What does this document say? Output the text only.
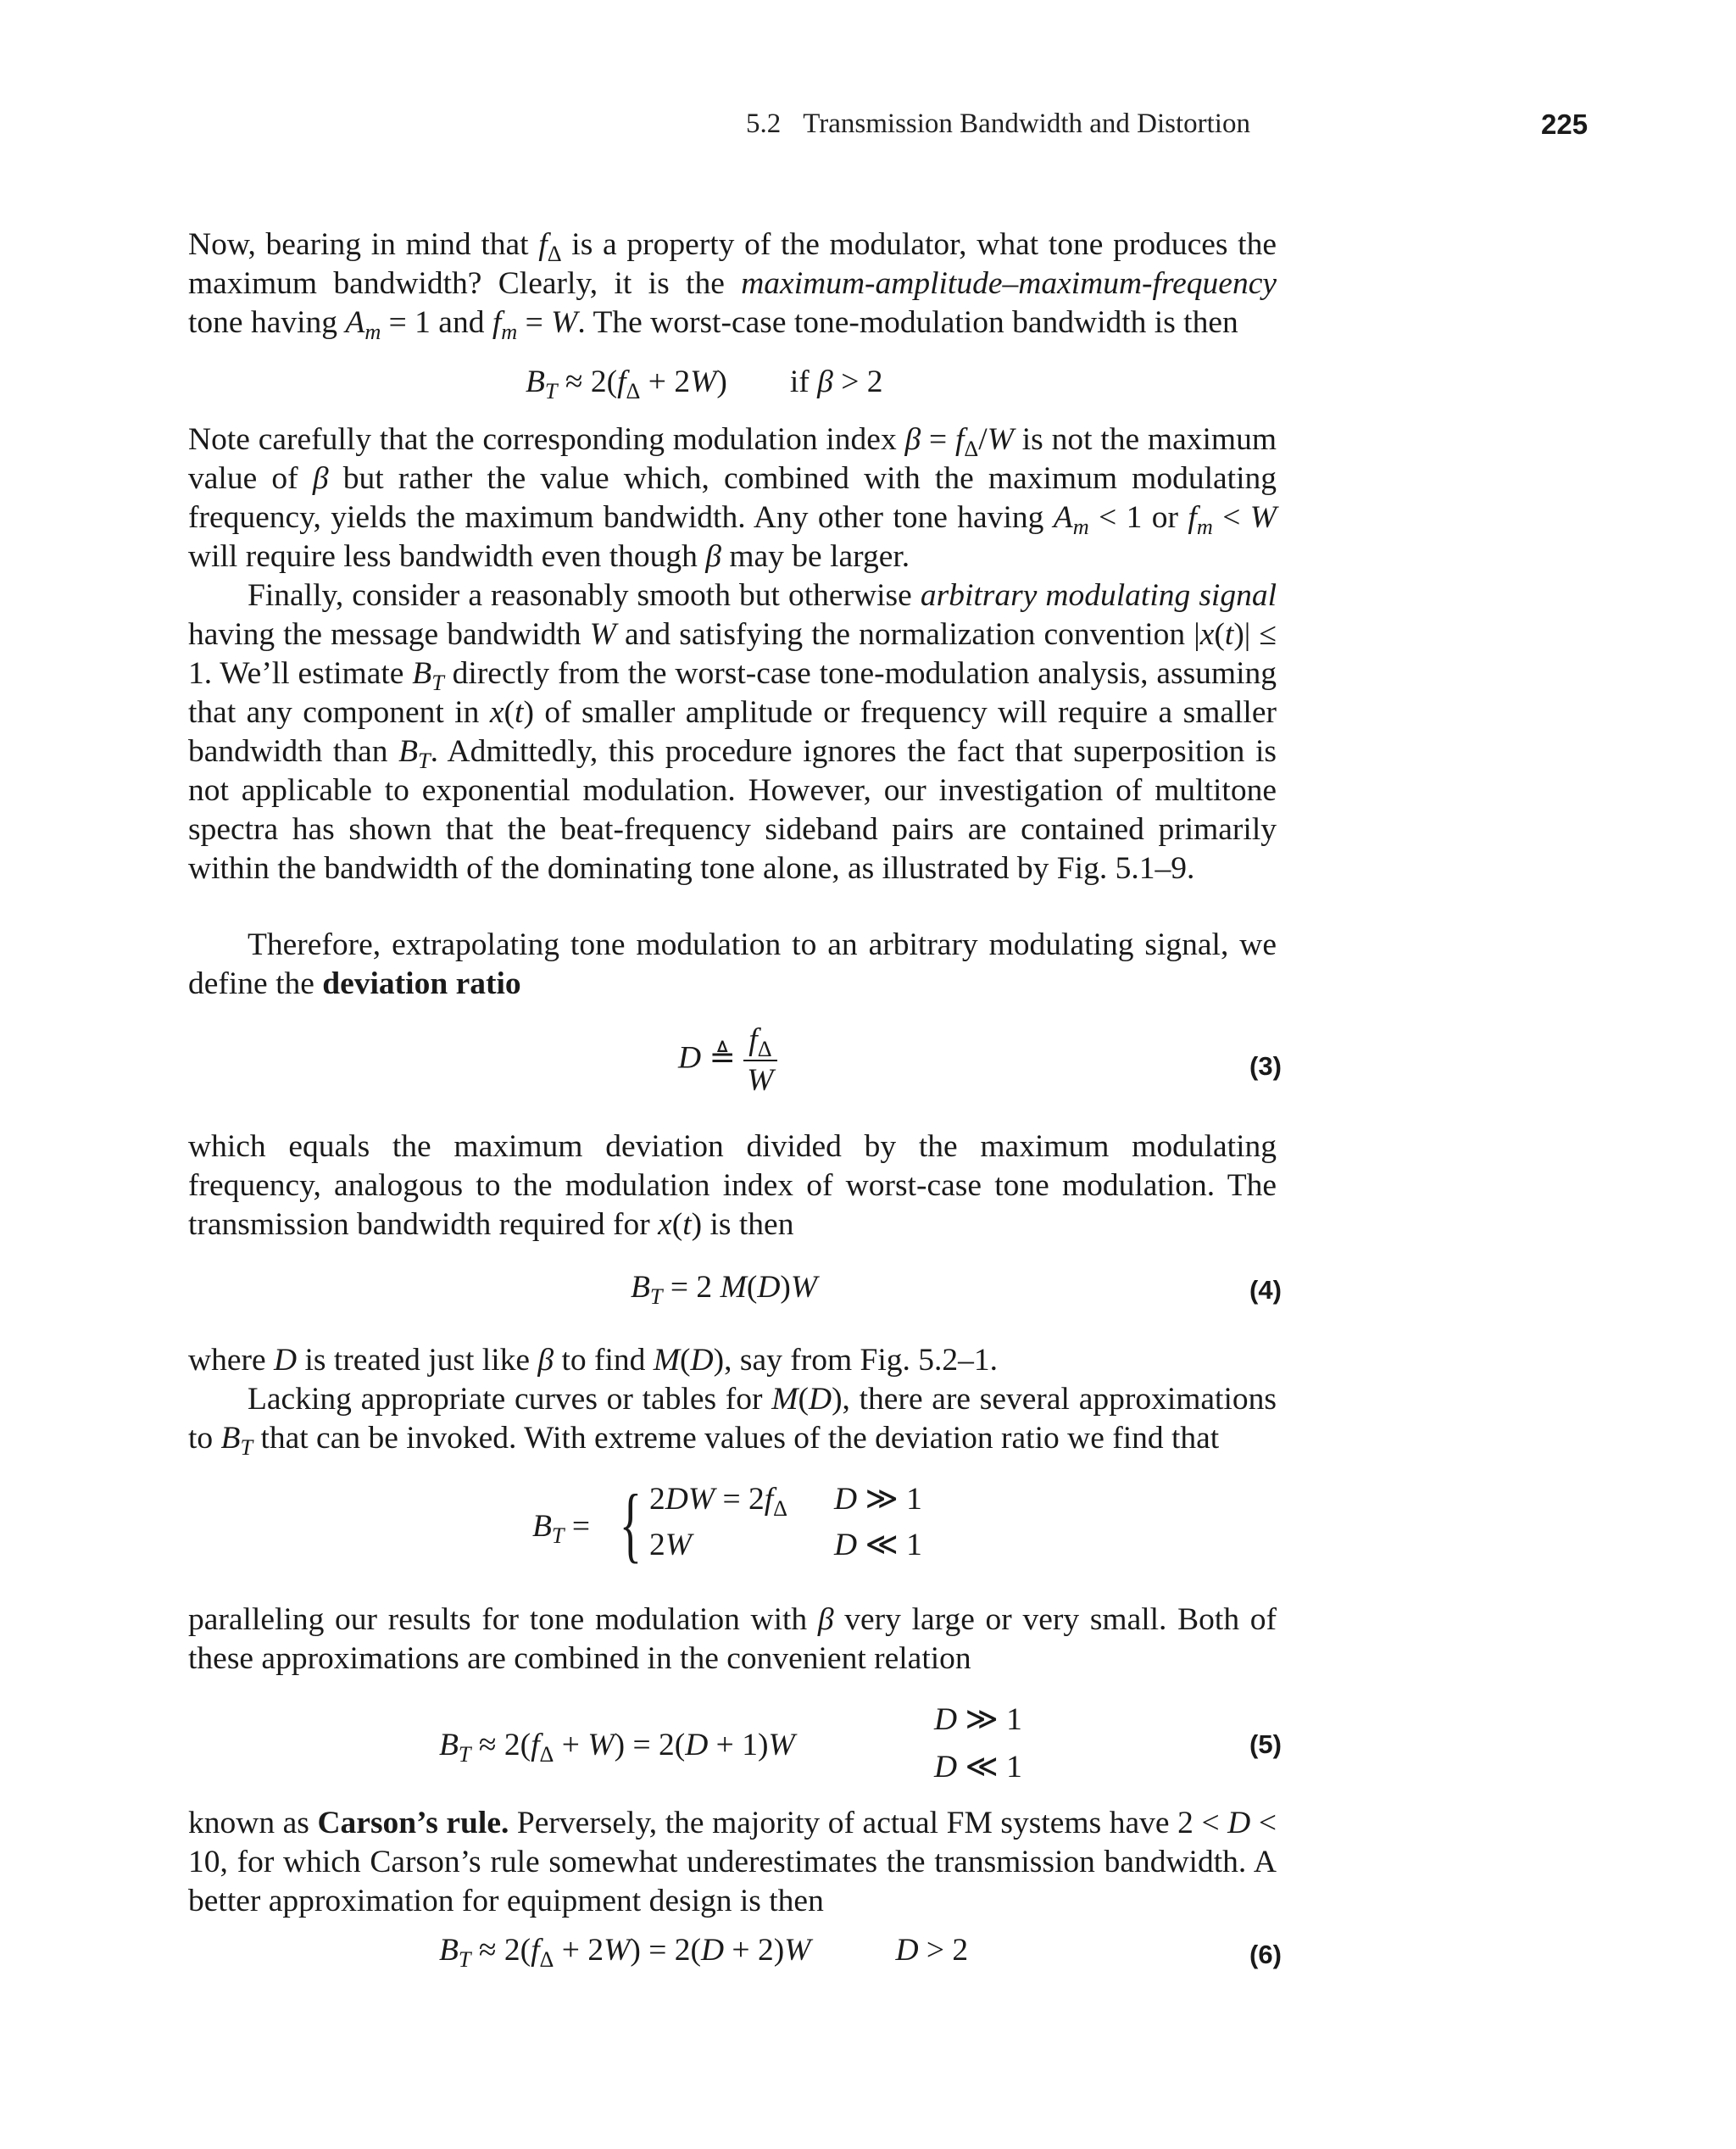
5.2 Transmission Bandwidth and Distortion	225
Now, bearing in mind that $f_\Delta$ is a property of the modulator, what tone produces the maximum bandwidth? Clearly, it is the maximum-amplitude–maximum-frequency tone having $A_m = 1$ and $f_m = W$. The worst-case tone-modulation bandwidth is then
$B_T \approx 2(f_\Delta + 2W)$ if β > 2
Note carefully that the corresponding modulation index $\beta = f_\Delta/W$ is not the maximum value of β but rather the value which, combined with the maximum modulating frequency, yields the maximum bandwidth. Any other tone having $A_m < 1$ or $f_m < W$ will require less bandwidth even though β may be larger.
Finally, consider a reasonably smooth but otherwise arbitrary modulating signal having the message bandwidth W and satisfying the normalization convention |x(t)| ≤ 1. We’ll estimate $B_T$ directly from the worst-case tone-modulation analysis, assuming that any component in x(t) of smaller amplitude or frequency will require a smaller bandwidth than $B_T$. Admittedly, this procedure ignores the fact that superposition is not applicable to exponential modulation. However, our investigation of multitone spectra has shown that the beat-frequency sideband pairs are contained primarily within the bandwidth of the dominating tone alone, as illustrated by Fig. 5.1–9.
Therefore, extrapolating tone modulation to an arbitrary modulating signal, we define the deviation ratio
D ≜ $\frac{f_\Delta}{W}$
which equals the maximum deviation divided by the maximum modulating frequency, analogous to the modulation index of worst-case tone modulation. The transmission bandwidth required for x(t) is then
$B_T = 2$ M(D)W
where D is treated just like β to find M(D), say from Fig. 5.2–1.
Lacking appropriate curves or tables for M(D), there are several approximations to $B_T$ that can be invoked. With extreme values of the deviation ratio we find that
$B_T$ = { $2DW = 2f_\Delta$
2W
D ≫ 1
D ≪ 1
paralleling our results for tone modulation with β very large or very small. Both of these approximations are combined in the convenient relation
$B_T \approx 2(f_\Delta + W) = 2(D + 1)W$
D ≫ 1
D ≪ 1
known as Carson’s rule. Perversely, the majority of actual FM systems have 2 < D < 10, for which Carson’s rule somewhat underestimates the transmission bandwidth. A better approximation for equipment design is then
$B_T \approx 2(f_\Delta + 2W) = 2(D + 2)W$	D > 2
(3)
(4)
(5)
(6)
